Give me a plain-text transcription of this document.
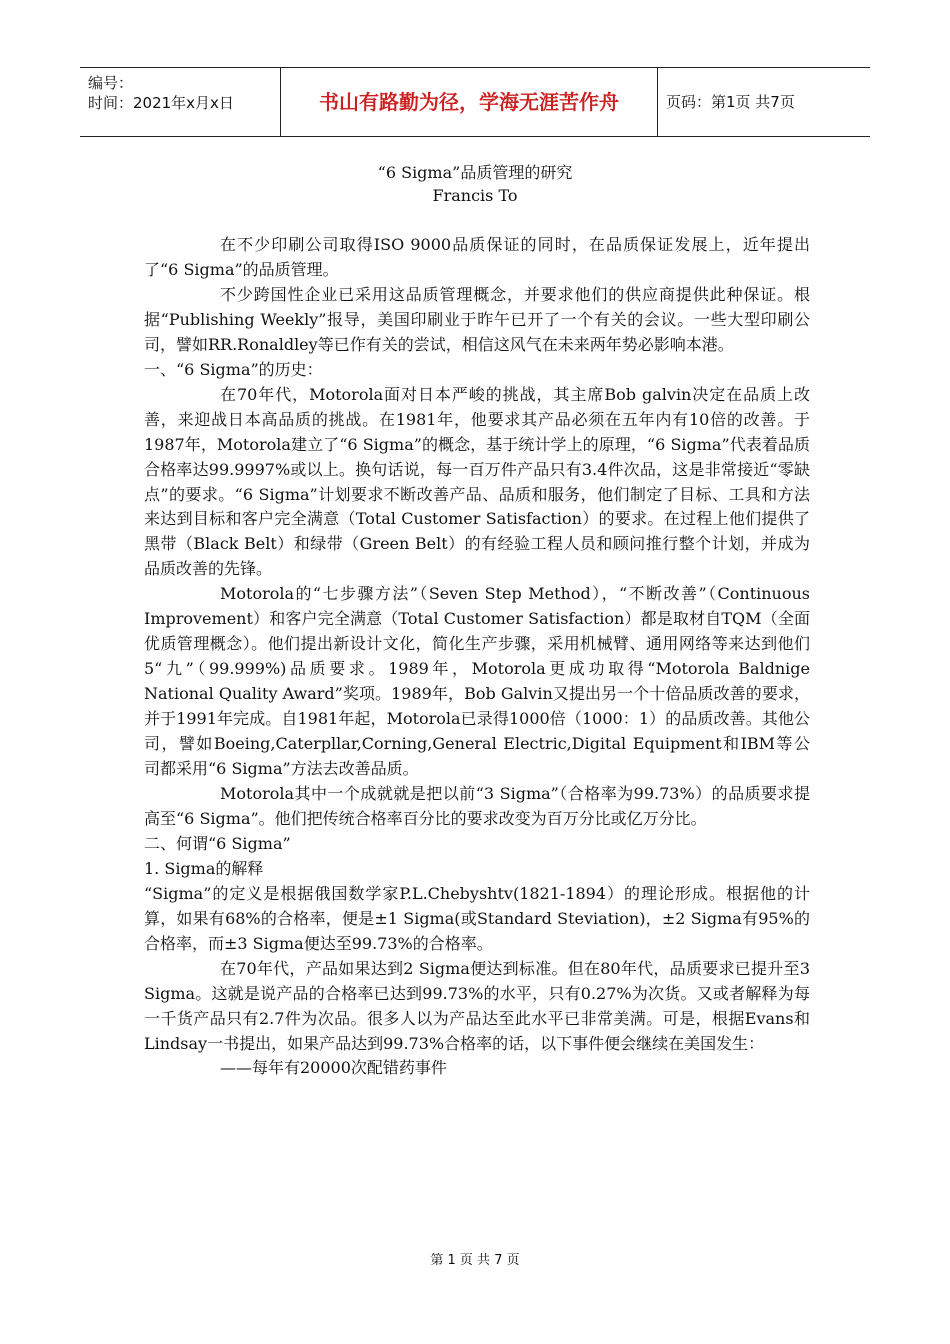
编号：
时间：2021年x月x日	书山有路勤为径，学海无涯苦作舟	页码：第1页 共7页
“6 Sigma”品质管理的研究
Francis To

在不少印刷公司取得ISO 9000品质保证的同时，在品质保证发展上，近年提出了“6 Sigma”的品质管理。

不少跨国性企业已采用这品质管理概念，并要求他们的供应商提供此种保证。根据“Publishing Weekly”报导，美国印刷业于昨午已开了一个有关的会议。一些大型印刷公司，譬如RR.Ronaldley等已作有关的尝试，相信这风气在未来两年势必影响本港。

一、“6 Sigma”的历史：

在70年代，Motorola面对日本严峻的挑战，其主席Bob galvin决定在品质上改善，来迎战日本高品质的挑战。在1981年，他要求其产品必须在五年内有10倍的改善。于1987年，Motorola建立了“6 Sigma”的概念，基于统计学上的原理，“6 Sigma”代表着品质合格率达99.9997%或以上。换句话说，每一百万件产品只有3.4件次品，这是非常接近“零缺点”的要求。“6 Sigma”计划要求不断改善产品、品质和服务，他们制定了目标、工具和方法来达到目标和客户完全满意（Total Customer Satisfaction）的要求。在过程上他们提供了黑带（Black Belt）和绿带（Green Belt）的有经验工程人员和顾问推行整个计划，并成为品质改善的先锋。

Motorola的“七步骤方法”（Seven Step Method），“不断改善”（Continuous Improvement）和客户完全满意（Total Customer Satisfaction）都是取材自TQM（全面优质管理概念）。他们提出新设计文化，简化生产步骤，采用机械臂、通用网络等来达到他们5“九”（99.999%)品质要求。1989年，Motorola更成功取得“Motorola Baldnige National Quality Award”奖项。1989年，Bob Galvin又提出另一个十倍品质改善的要求，并于1991年完成。自1981年起，Motorola已录得1000倍（1000：1）的品质改善。其他公司，譬如Boeing,Caterpllar,Corning,General Electric,Digital Equipment和IBM等公司都采用“6 Sigma”方法去改善品质。

Motorola其中一个成就就是把以前“3 Sigma”（合格率为99.73%）的品质要求提高至“6 Sigma”。他们把传统合格率百分比的要求改变为百万分比或亿万分比。

二、何谓“6 Sigma”

1. Sigma的解释

“Sigma”的定义是根据俄国数学家P.L.Chebyshtv(1821-1894）的理论形成。根据他的计算，如果有68%的合格率，便是±1 Sigma(或Standard Steviation)，±2 Sigma有95%的合格率，而±3 Sigma便达至99.73%的合格率。

在70年代，产品如果达到2 Sigma便达到标准。但在80年代，品质要求已提升至3 Sigma。这就是说产品的合格率已达到99.73%的水平，只有0.27%为次货。又或者解释为每一千货产品只有2.7件为次品。很多人以为产品达至此水平已非常美满。可是，根据Evans和Lindsay一书提出，如果产品达到99.73%合格率的话，以下事件便会继续在美国发生：

——每年有20000次配错药事件

第 1 页 共 7 页
